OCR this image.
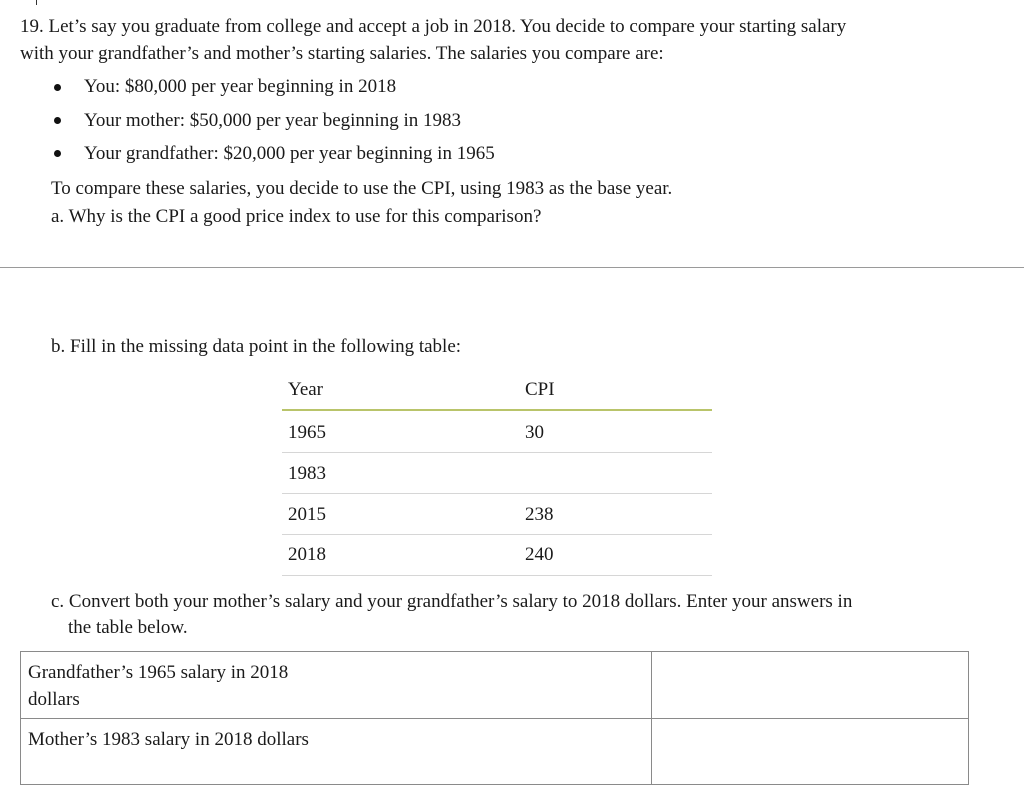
19. Let’s say you graduate from college and accept a job in 2018. You decide to compare your starting salary
with your grandfather’s and mother’s starting salaries. The salaries you compare are:
You: $80,000 per year beginning in 2018
Your mother: $50,000 per year beginning in 1983
Your grandfather: $20,000 per year beginning in 1965
To compare these salaries, you decide to use the CPI, using 1983 as the base year.
a. Why is the CPI a good price index to use for this comparison?
b. Fill in the missing data point in the following table:
Year	CPI
1965	30
1983
2015	238
2018	240
c. Convert both your mother’s salary and your grandfather’s salary to 2018 dollars. Enter your answers in
the table below.
Grandfather’s 1965 salary in 2018 dollars
Mother’s 1983 salary in 2018 dollars
